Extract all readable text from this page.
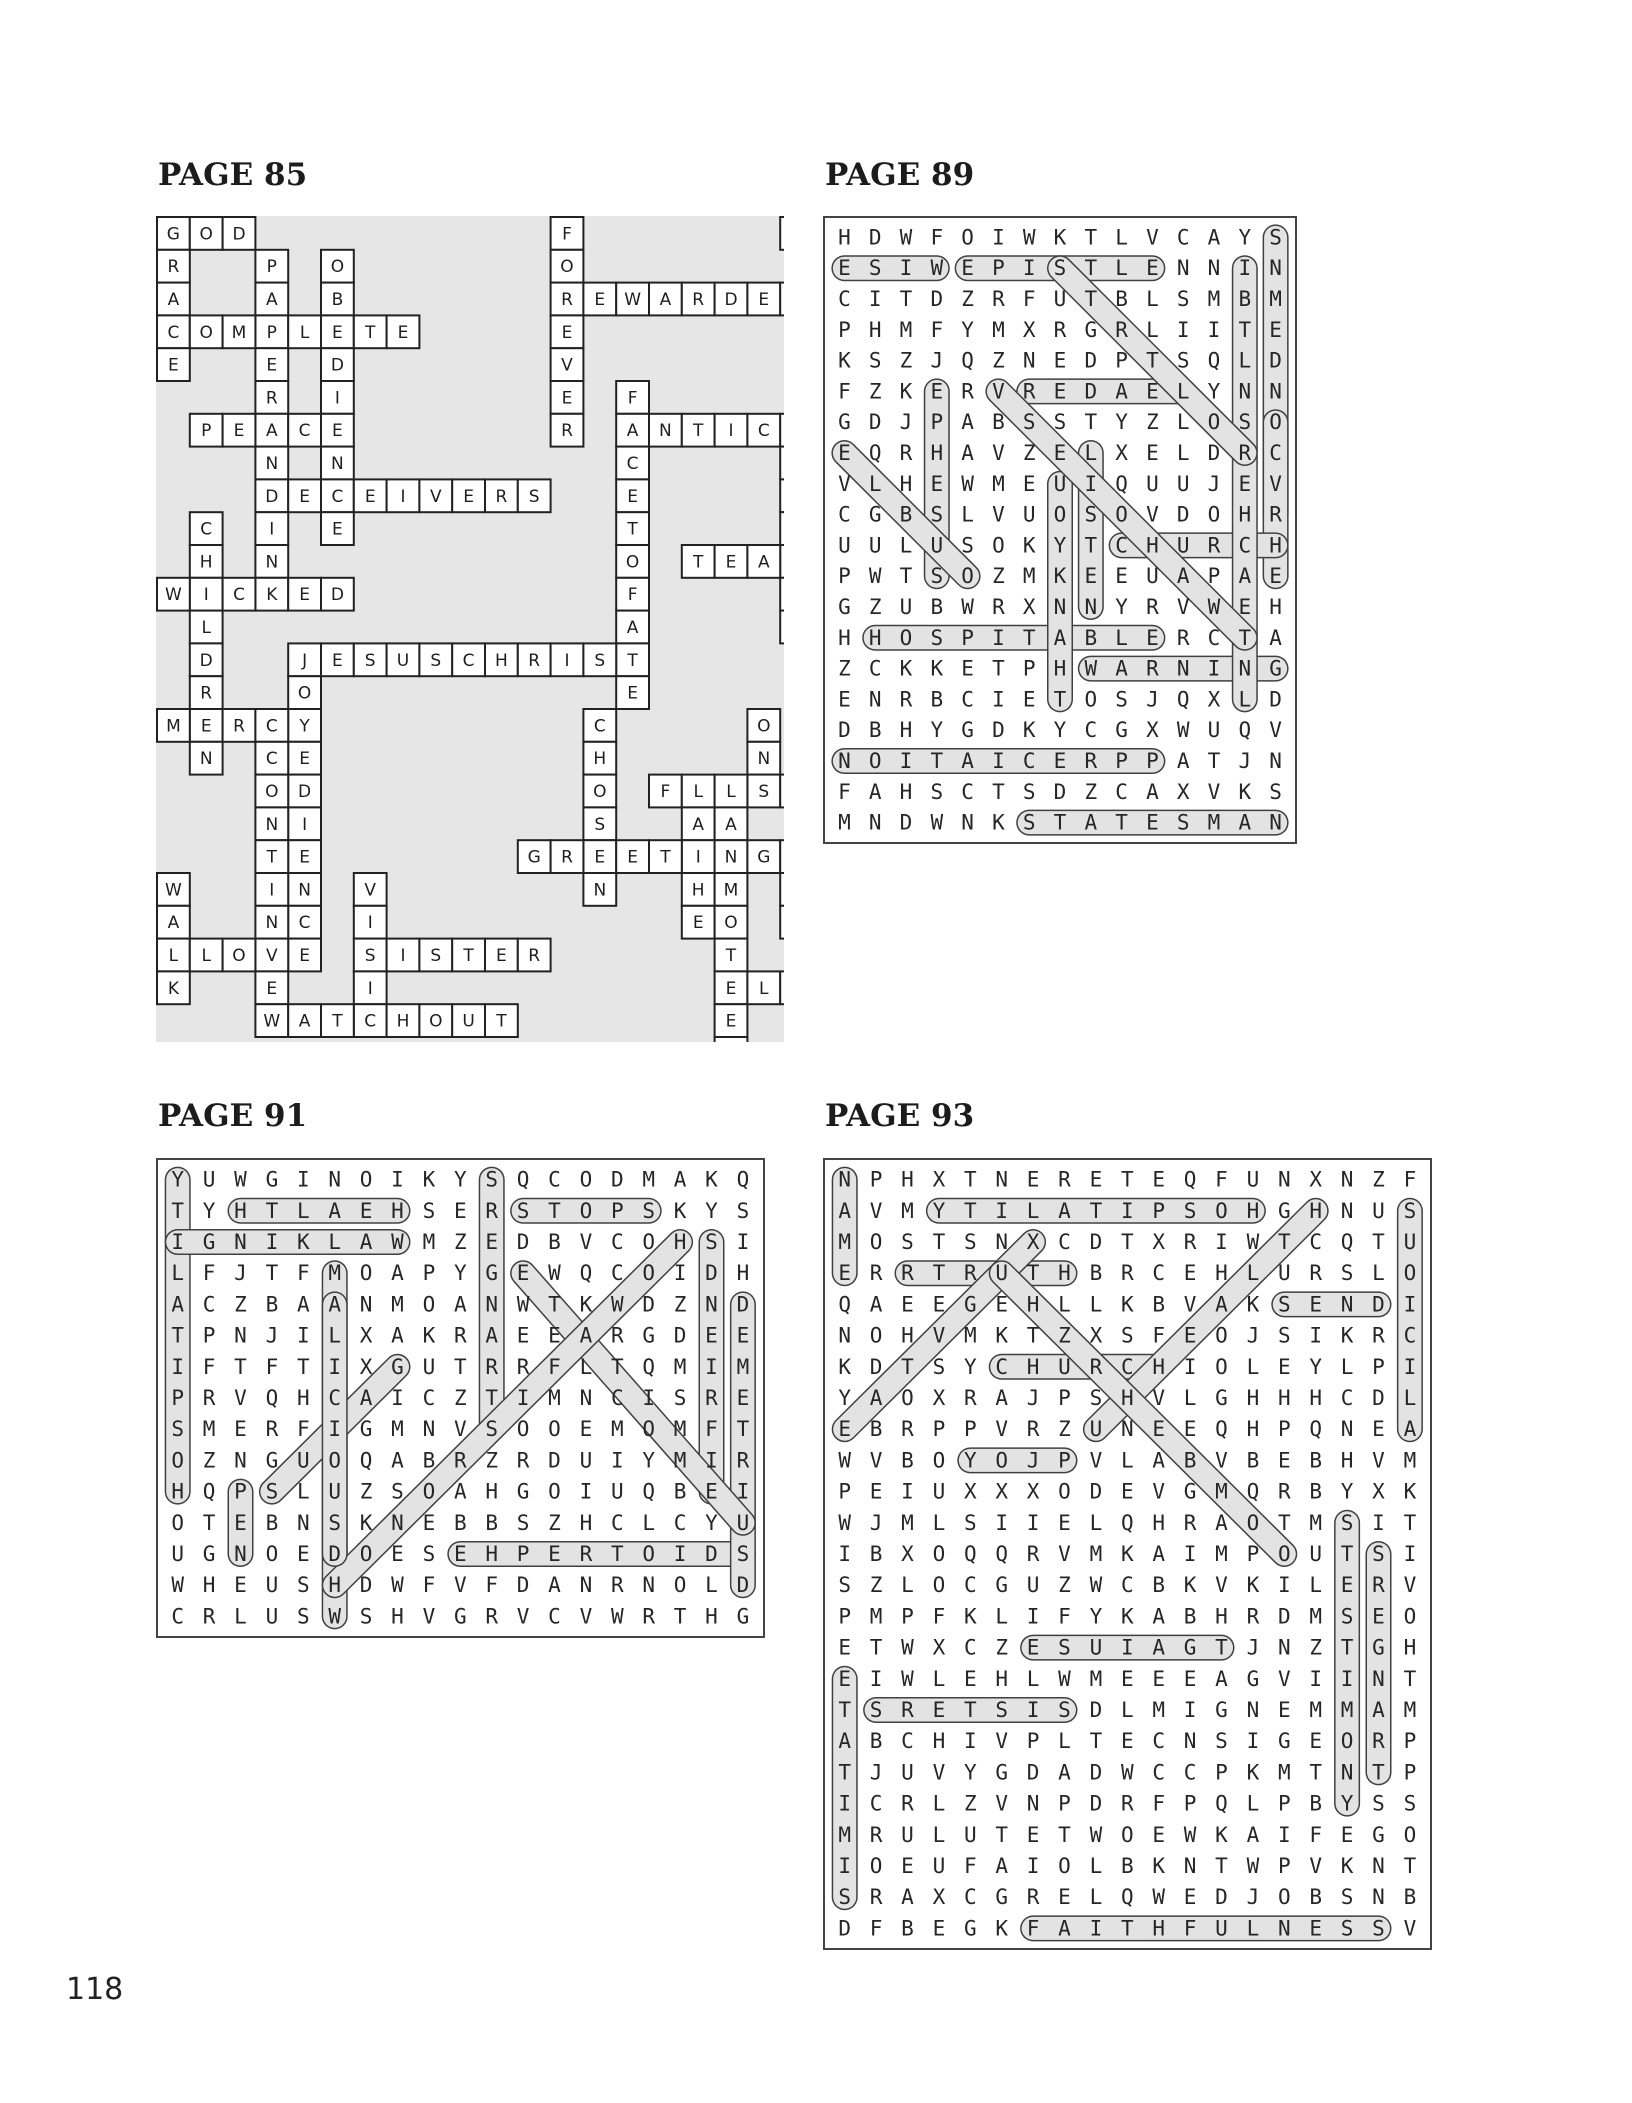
PAGE 85	PAGE 89
PAGE 91	PAGE 93
G O D
R
A
C
E
F
O
R
E
V
E
R
P
A
P
E
R
A
N
D
I
N
K
O
B
E
D
I
E
N
C
E
E W A R D E
O M	L	T E
F
A
C
E
T
O
F
A
T
E
P E	C	N T I C
E	E I V E R S
C
H
I
L
D
R
E
N
T E A
W	C	E D
J E S U S C H R I S
O
Y
E
D
I
E
N
C
E
M	R C	C
H
O
S
E
N
O
N
S
C
O
N
T
I
N
V
E
F L L
A
I
H
E
A
N
M
O
T
E
E
G R	E T	G
W
A
L
K
V
I
S
I
C
L O	I S T E R
L
W A T	H O U T
H D W F O I W K T L V C A Y S
E S I W E P I S T L E N N I N
C I T D Z R F U T B L S M B M
P H M F Y M X R G R L I I T E
K S Z J Q Z N E D P T S Q L D
F Z K E R V R E D A E L Y N N
G D J P A B S S T Y Z L O S O
E Q R H A V Z E L X E L D R C
V L H E W M E U I Q U U J E V
C G B S L V U O S O V D O H R
U U L U S O K Y T C H U R C H
P W T S O Z M K E E U A P A E
G Z U B W R X N N Y R V W E H
H H O S P I T A B L E R C T A
Z C K K E T P H W A R N I N G
E N R B C I E T O S J Q X L D
D B H Y G D K Y C G X W U Q V
N O I T A I C E R P P A T J N
F A H S C T S D Z C A X V K S
M N D W N K S T A T E S M A N
Y U W G I N O I K Y S Q C O D M A K Q
T Y H T L A E H S E R S T O P S K Y S
I G N I K L A W M Z E D B V C O H S I
L F J T F M O A P Y G E W Q C O I D H
A C Z B A A N M O A N W T K W D Z N D
T P N J I L X A K R A E E A R G D E E
I F T F T I X G U T R R F L T Q M I M
P R V Q H C A I C Z T I M N C I S R E
S M E R F I G M N V S O O E M O M F T
O Z N G U O Q A B R Z R D U I Y M I R
H Q P S L U Z S O A H G O I U Q B E I
O T E B N S K N E B B S Z H C L C Y U
U G N O E D O E S E H P E R T O I D S
W H E U S H D W F V F D A N R N O L D
C R L U S W S H V G R V C V W R T H G
N P H X T N E R E T E Q F U N X N Z F
A V M Y T I L A T I P S O H G H N U S
M O S T S N X C D T X R I W T C Q T U
E R R T R U T H B R C E H L U R S L O
Q A E E G E H L L K B V A K S E N D I
N O H V M K T Z X S F E O J S I K R C
K D T S Y C H U R C H I O L E Y L P I
Y A O X R A J P S H V L G H H H C D L
E B R P P V R Z U N E E Q H P Q N E A
W V B O Y O J P V L A B V B E B H V M
P E I U X X X O D E V G M Q R B Y X K
W J M L S I I E L Q H R A O T M S I T
I B X O Q Q R V M K A I M P O U T S I
S Z L O C G U Z W C B K V K I L E R V
P M P F K L I F Y K A B H R D M S E O
E T W X C Z E S U I A G T J N Z T G H
E I W L E H L W M E E E A G V I I N T
T S R E T S I S D L M I G N E M M A M
A B C H I V P L T E C N S I G E O R P
T J U V Y G D A D W C C P K M T N T P
I C R L Z V N P D R F P Q L P B Y S S
M R U L U T E T W O E W K A I F E G O
I O E U F A I O L B K N T W P V K N T
S R A X C G R E L Q W E D J O B S N B
D F B E G K F A I T H F U L N E S S V
118
